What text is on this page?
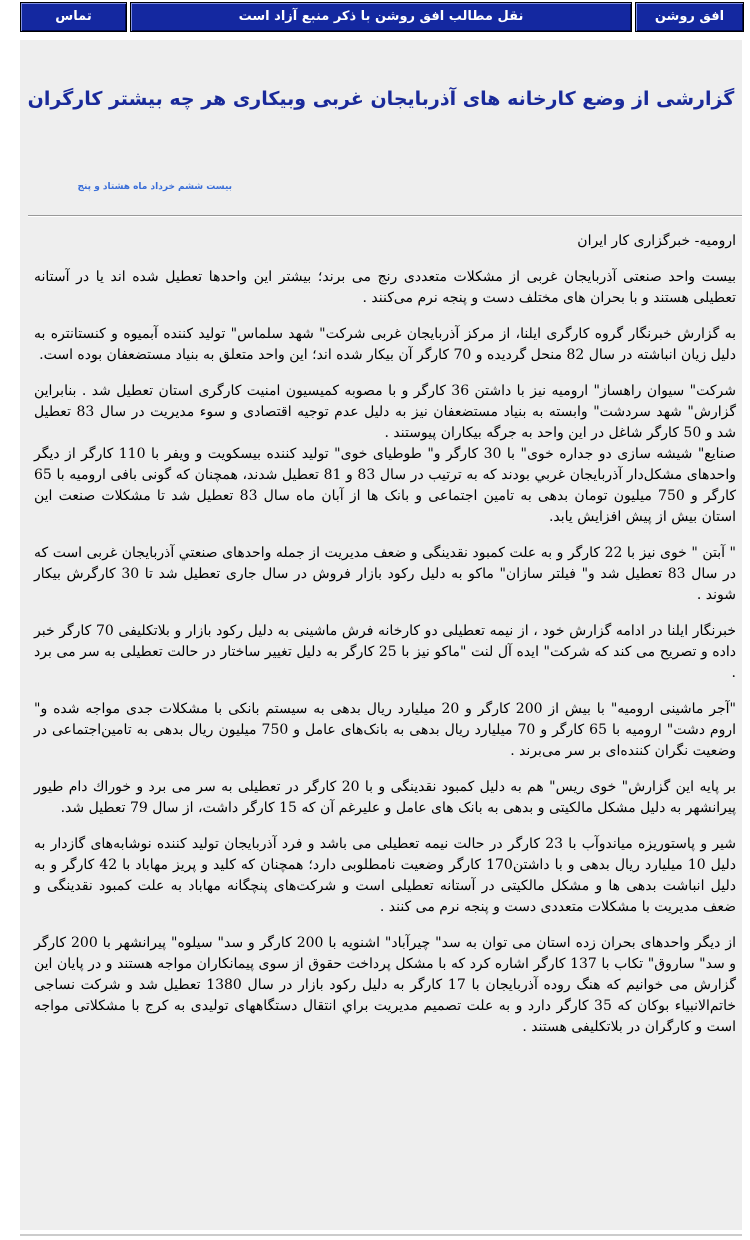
تماس	نقل مطالب افق روشن با ذکر منبع آزاد است	افق روشن
گزارشی از وضع کارخانه های آذربایجان غربی وبیکاری هر چه بیشتر کارگران
بیست ششم خرداد ماه هشتاد و پنج

ارومیه- خبرگزاری کار ایران

بیست واحد صنعتی آذربایجان غربی از مشکلات متعددی رنج می برند؛ بیشتر این واحدها تعطیل شده اند یا در آستانه تعطیلی هستند و با بحران های مختلف دست و پنجه نرم می‌کنند .

به گزارش خبرنگار گروه کارگری ایلنا، از مرکز آذربایجان غربی شرکت" شهد سلماس" تولید کننده آبمیوه و کنستانتره به دلیل زیان انباشته در سال 82 منحل گردیده و 70 کارگر آن بیکار شده اند؛ این واحد متعلق به بنیاد مستضعفان بوده است.

شرکت" سیوان راهساز" ارومیه نیز با داشتن 36 کارگر و با مصوبه کمیسیون امنیت کارگری استان تعطیل شد . بنابراین گزارش" شهد سردشت" وابسته به بنیاد مستضعفان نیز به دلیل عدم توجیه اقتصادی و سوء مدیریت در سال 83 تعطیل شد و 50 کارگر شاغل در این واحد به جرگه بیکاران پیوستند .

صنایع" شیشه سازی دو جداره خوی" با 30 کارگر و" طوطیای خوی" تولید کننده بیسکویت و ویفر با 110 کارگر از دیگر واحدهای مشکل‌دار آذربایجان غربي بودند که به ترتیب در سال 83 و 81 تعطیل شدند، همچنان که گونی بافی ارومیه با 65 کارگر و 750 میلیون تومان بدهی به تامین اجتماعی و بانک ها از آبان ماه سال 83 تعطیل شد تا مشکلات صنعت این استان بیش از پیش افزایش یابد.

" آبتن " خوی نیز با 22 کارگر و به علت کمبود نقدینگی و ضعف مدیریت از جمله واحدهای صنعتي آذربایجان غربی است که در سال 83 تعطیل شد و" فیلتر سازان" ماکو به دلیل رکود بازار فروش در سال جاری تعطیل شد تا 30 کارگرش بیکار شوند .

خبرنگار ایلنا در ادامه گزارش خود ، از نیمه تعطیلی دو کارخانه فرش ماشینی به دلیل رکود بازار و بلاتکلیفی 70 کارگر خبر داده و تصریح می کند که شرکت" ایده آل لنت "ماکو نیز با 25 کارگر به دلیل تغییر ساختار در حالت تعطیلی به سر می برد .

"آجر ماشینی ارومیه" با بیش از 200 کارگر و 20 میلیارد ریال بدهی به سیستم بانکی با مشکلات جدی مواجه شده و" اروم دشت" ارومیه با 65 کارگر و 70 میلیارد ریال بدهی به بانک‌های عامل و 750 میلیون ریال بدهی به تامین‌اجتماعی در وضعیت نگران کننده‌ای بر سر می‌برند .

بر پایه این گزارش" خوی ریس" هم به دلیل کمبود نقدینگی و با 20 کارگر در تعطیلی به سر می برد و خوراك دام طیور پیرانشهر به دلیل مشکل مالکیتی و بدهی به بانک های عامل و علیرغم آن که 15 کارگر داشت، از سال 79 تعطیل شد.

شیر و پاستوریزه میاندوآب با 23 کارگر در حالت نیمه تعطیلی می باشد و فرد آذربایجان تولید کننده نوشابه‌های گازدار به دلیل 10 میلیارد ریال بدهی و با داشتن170 کارگر وضعیت نامطلوبی دارد؛ همچنان که کلید و پریز مهاباد با 42 کارگر و به دلیل انباشت بدهی ها و مشکل مالکیتی در آستانه تعطیلی است و شرکت‌های پنچگانه مهاباد به علت کمبود نقدینگی و ضعف مدیریت با مشکلات متعددی دست و پنجه نرم می کنند .

از دیگر واحدهای بحران زده استان می توان به سد" چیرآباد" اشنویه با 200 کارگر و سد" سیلوه" پیرانشهر با 200 کارگر و سد" ساروق" تکاب با 137 کارگر اشاره کرد که با مشکل پرداخت حقوق از سوی پیمانکاران مواجه هستند و در پایان این گزارش می خوانیم که هنگ روده آذربایجان با 17 کارگر به دلیل رکود بازار در سال 1380 تعطیل شد و شرکت نساجی خاتم‌الانبیاء بوکان که 35 کارگر دارد و به علت تصمیم مدیریت براي انتقال دستگاههای تولیدی به کرج با مشکلاتی مواجه است و کارگران در بلاتکلیفی هستند .
